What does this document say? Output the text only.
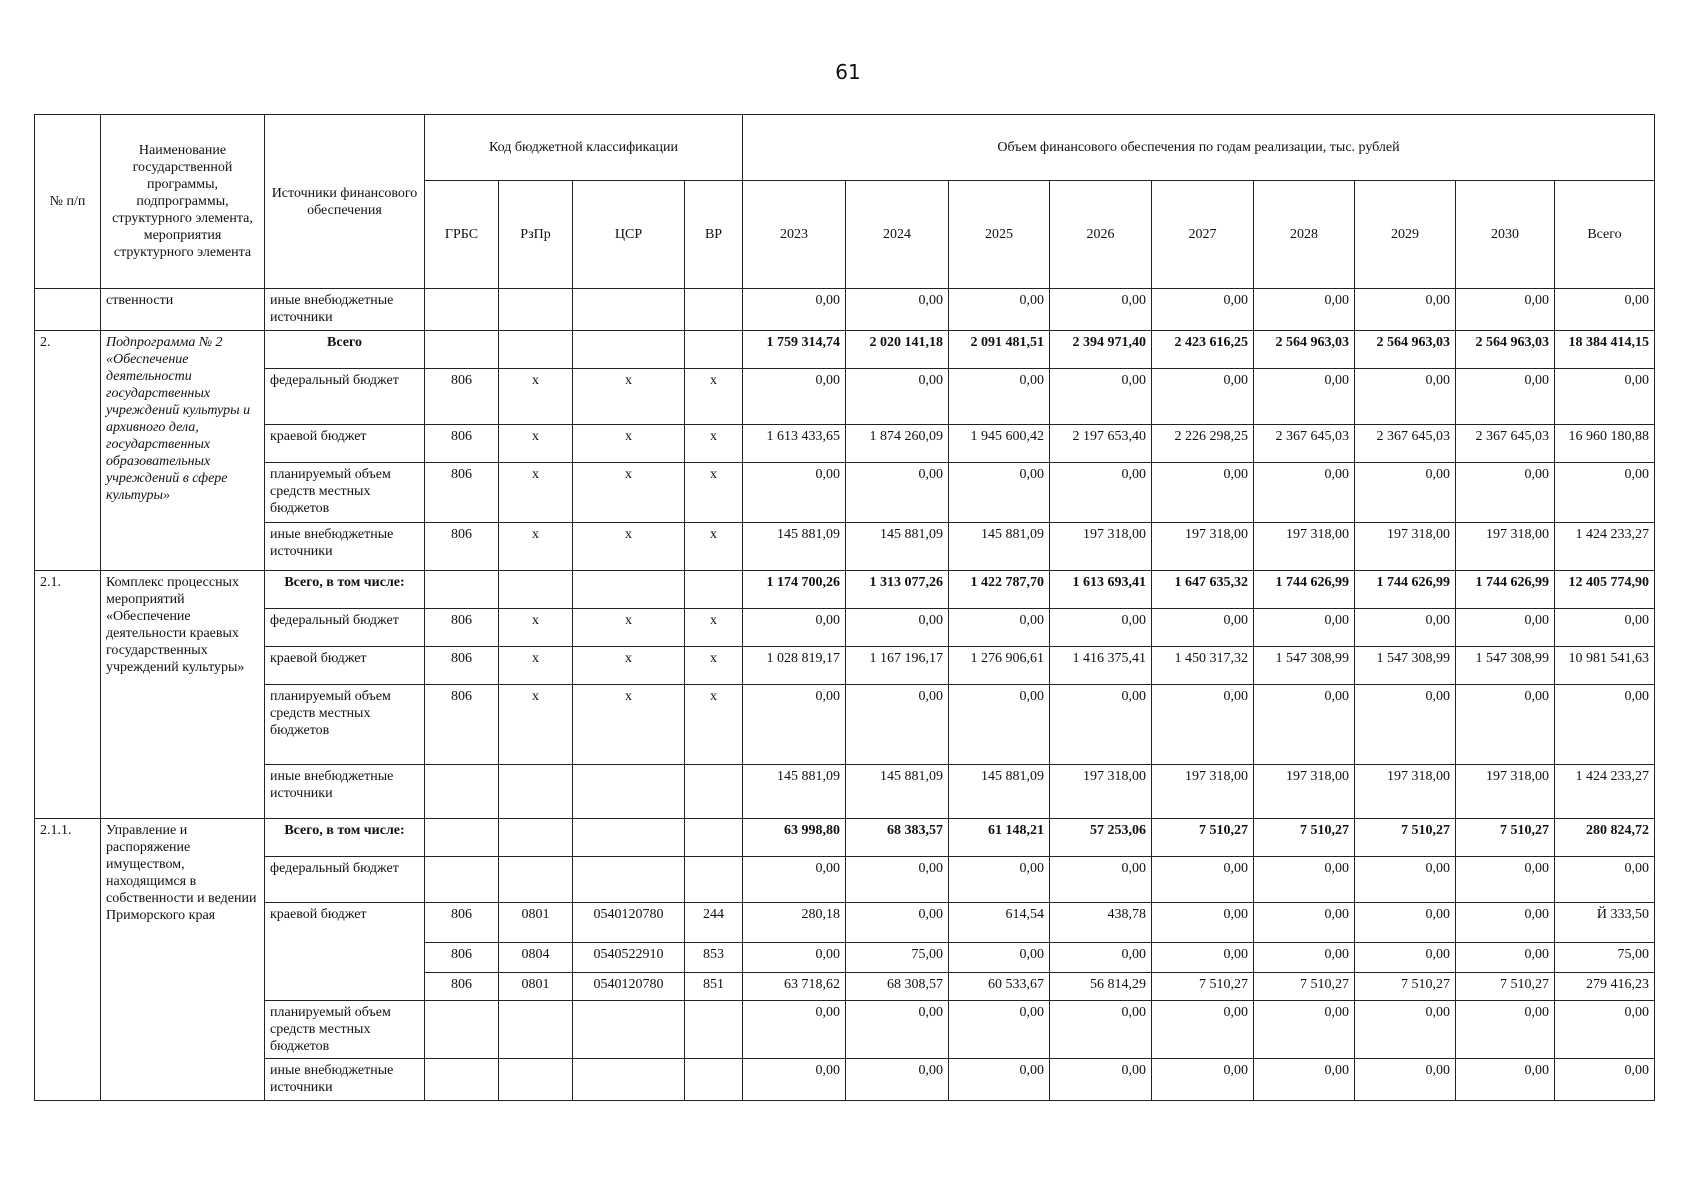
61
№ п/п	Наименование государственной программы, подпрограммы, структурного элемента, мероприятия структурного элемента	Источники финансового обеспечения	Код бюджетной классификации				Объем финансового обеспечения по годам реализации, тыс. рублей								
			ГРБС	РзПр	ЦСР	ВР	2023	2024	2025	2026	2027	2028	2029	2030	Всего
	ственности	иные внебюджетные источники					0,00	0,00	0,00	0,00	0,00	0,00	0,00	0,00	0,00
2.	Подпрограмма № 2 «Обеспечение деятельности государственных учреждений культуры и архивного дела, государственных образовательных учреждений в сфере культуры»	Всего					1 759 314,74	2 020 141,18	2 091 481,51	2 394 971,40	2 423 616,25	2 564 963,03	2 564 963,03	2 564 963,03	18 384 414,15
		федеральный бюджет	806	x	x	x	0,00	0,00	0,00	0,00	0,00	0,00	0,00	0,00	0,00
		краевой бюджет	806	x	x	x	1 613 433,65	1 874 260,09	1 945 600,42	2 197 653,40	2 226 298,25	2 367 645,03	2 367 645,03	2 367 645,03	16 960 180,88
		планируемый объем средств местных бюджетов	806	x	x	x	0,00	0,00	0,00	0,00	0,00	0,00	0,00	0,00	0,00
		иные внебюджетные источники	806	x	x	x	145 881,09	145 881,09	145 881,09	197 318,00	197 318,00	197 318,00	197 318,00	197 318,00	1 424 233,27
2.1.	Комплекс процессных мероприятий «Обеспечение деятельности краевых государственных учреждений культуры»	Всего, в том числе:					1 174 700,26	1 313 077,26	1 422 787,70	1 613 693,41	1 647 635,32	1 744 626,99	1 744 626,99	1 744 626,99	12 405 774,90
		федеральный бюджет	806	x	x	x	0,00	0,00	0,00	0,00	0,00	0,00	0,00	0,00	0,00
		краевой бюджет	806	x	x	x	1 028 819,17	1 167 196,17	1 276 906,61	1 416 375,41	1 450 317,32	1 547 308,99	1 547 308,99	1 547 308,99	10 981 541,63
		планируемый объем средств местных бюджетов	806	x	x	x	0,00	0,00	0,00	0,00	0,00	0,00	0,00	0,00	0,00
		иные внебюджетные источники					145 881,09	145 881,09	145 881,09	197 318,00	197 318,00	197 318,00	197 318,00	197 318,00	1 424 233,27
2.1.1.	Управление и распоряжение имуществом, находящимся в собственности и ведении Приморского края	Всего, в том числе:					63 998,80	68 383,57	61 148,21	57 253,06	7 510,27	7 510,27	7 510,27	7 510,27	280 824,72
		федеральный бюджет					0,00	0,00	0,00	0,00	0,00	0,00	0,00	0,00	0,00
		краевой бюджет	806	0801	0540120780	244	280,18	0,00	614,54	438,78	0,00	0,00	0,00	0,00	Й 333,50
			806	0804	0540522910	853	0,00	75,00	0,00	0,00	0,00	0,00	0,00	0,00	75,00
			806	0801	0540120780	851	63 718,62	68 308,57	60 533,67	56 814,29	7 510,27	7 510,27	7 510,27	7 510,27	279 416,23
		планируемый объем средств местных бюджетов					0,00	0,00	0,00	0,00	0,00	0,00	0,00	0,00	0,00
		иные внебюджетные источники					0,00	0,00	0,00	0,00	0,00	0,00	0,00	0,00	0,00
